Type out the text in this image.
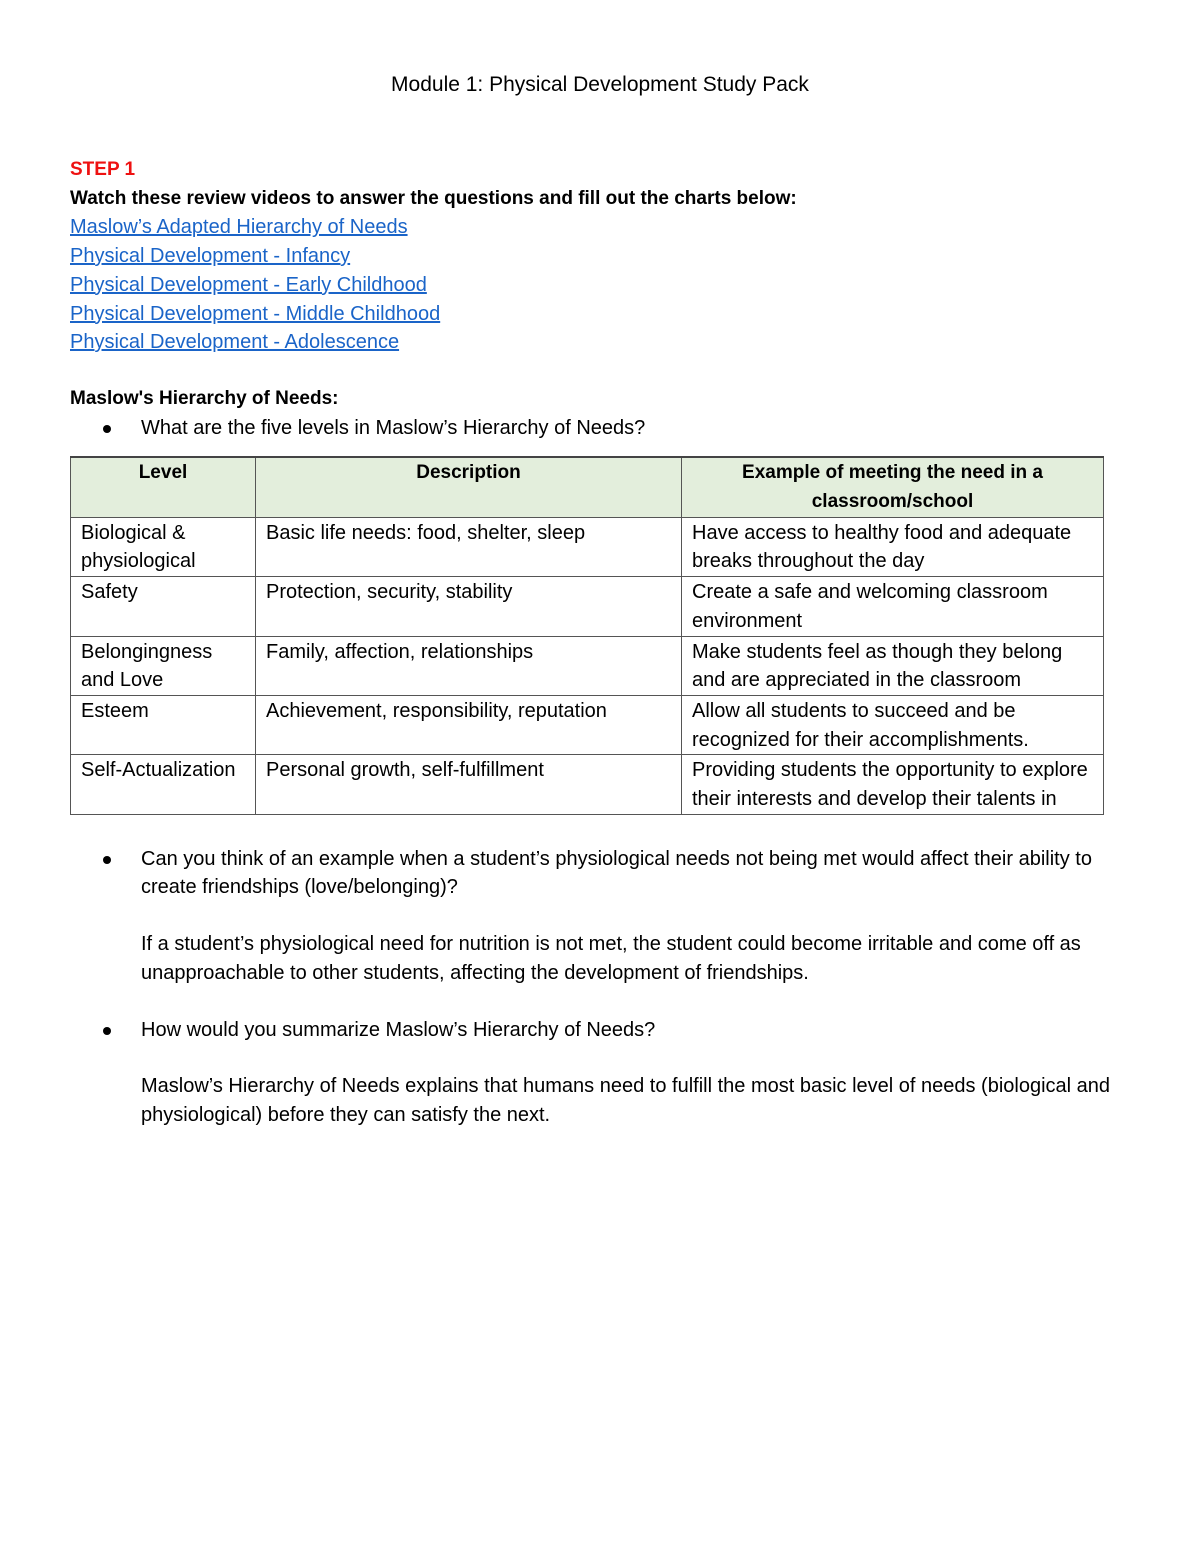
Module 1: Physical Development Study Pack
STEP 1
Watch these review videos to answer the questions and fill out the charts below:
Maslow’s Adapted Hierarchy of Needs
Physical Development - Infancy
Physical Development - Early Childhood
Physical Development - Middle Childhood
Physical Development - Adolescence
Maslow's Hierarchy of Needs:
What are the five levels in Maslow’s Hierarchy of Needs?
Level	Description	Example of meeting the need in a classroom/school
Biological & physiological	Basic life needs: food, shelter, sleep	Have access to healthy food and adequate breaks throughout the day
Safety	Protection, security, stability	Create a safe and welcoming classroom environment
Belongingness and Love	Family, affection, relationships	Make students feel as though they belong and are appreciated in the classroom
Esteem	Achievement, responsibility, reputation	Allow all students to succeed and be recognized for their accomplishments.
Self-Actualization	Personal growth, self-fulfillment	Providing students the opportunity to explore their interests and develop their talents in
Can you think of an example when a student’s physiological needs not being met would affect their ability to create friendships (love/belonging)?
If a student’s physiological need for nutrition is not met, the student could become irritable and come off as unapproachable to other students, affecting the development of friendships.
How would you summarize Maslow’s Hierarchy of Needs?
Maslow’s Hierarchy of Needs explains that humans need to fulfill the most basic level of needs (biological and physiological) before they can satisfy the next.
